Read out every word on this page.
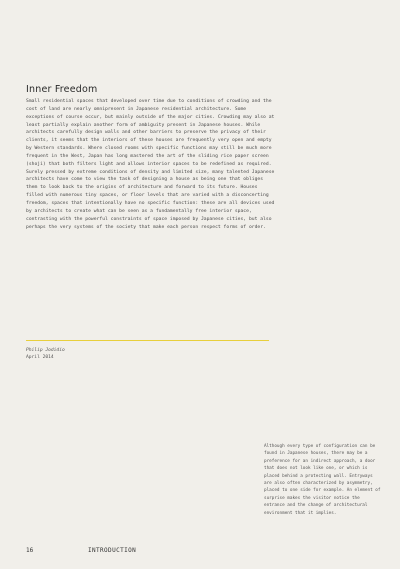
Inner Freedom

Small residential spaces that developed over time due to conditions of crowding and the cost of land are nearly omnipresent in Japanese residential architecture. Some exceptions of course occur, but mainly outside of the major cities. Crowding may also at least partially explain another form of ambiguity present in Japanese houses. While architects carefully design walls and other barriers to preserve the privacy of their clients, it seems that the interiors of these houses are frequently very open and empty by Western standards. Where closed rooms with specific functions may still be much more frequent in the West, Japan has long mastered the art of the sliding rice paper screen (shoji) that both filters light and allows interior spaces to be redefined as required. Surely pressed by extreme conditions of density and limited size, many talented Japanese architects have come to view the task of designing a house as being one that obliges them to look back to the origins of architecture and forward to its future. Houses filled with numerous tiny spaces, or floor levels that are varied with a disconcerting freedom, spaces that intentionally have no specific function: these are all devices used by architects to create what can be seen as a fundamentally free interior space, contrasting with the powerful constraints of space imposed by Japanese cities, but also perhaps the very systems of the society that make each person respect forms of order.

Philip Jodidio
April 2014

Although every type of configuration can be found in Japanese houses, there may be a preference for an indirect approach, a door that does not look like one, or which is placed behind a protecting wall. Entryways are also often characterized by asymmetry, placed to one side for example. An element of surprise makes the visitor notice the entrance and the change of architectural environment that it implies.

16	INTRODUCTION
